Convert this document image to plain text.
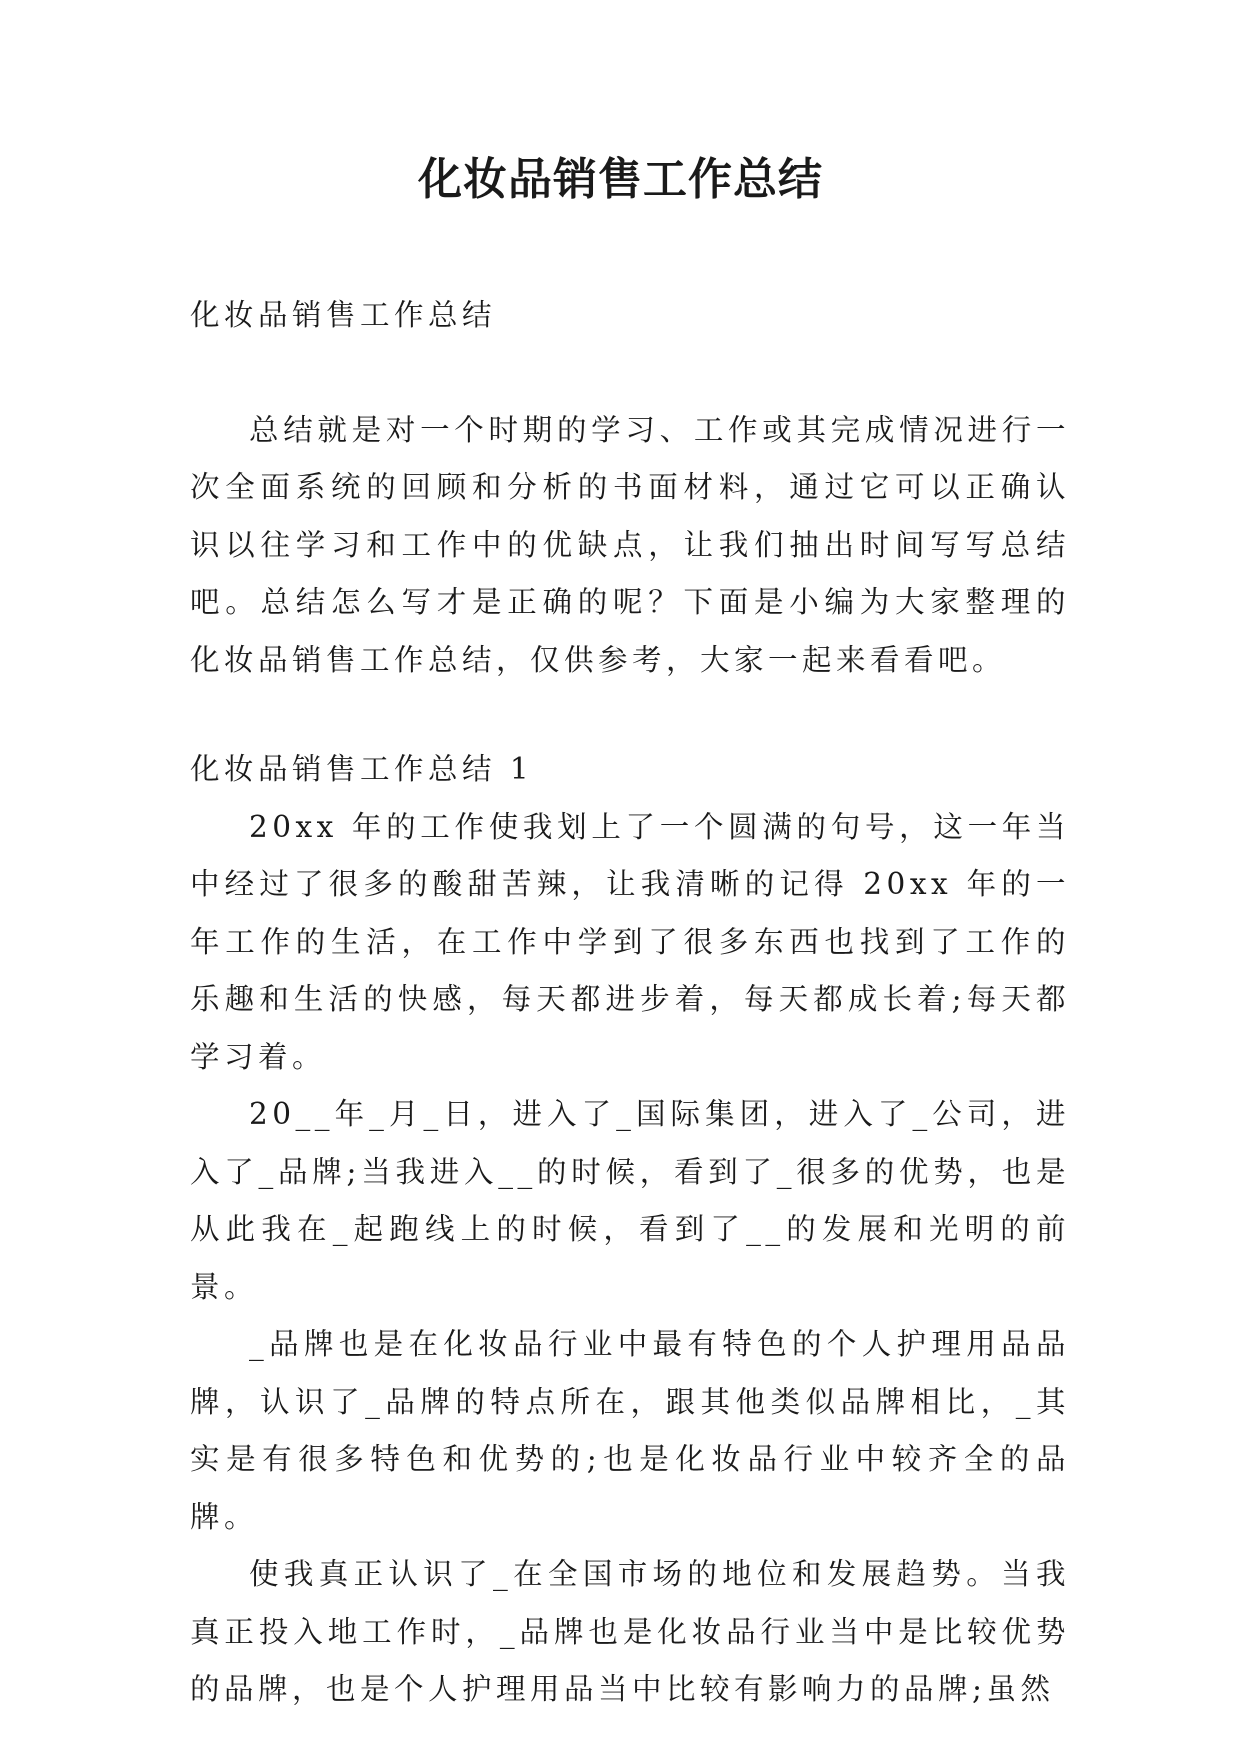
化妆品销售工作总结

化妆品销售工作总结

总结就是对一个时期的学习、工作或其完成情况进行一次全面系统的回顾和分析的书面材料，通过它可以正确认识以往学习和工作中的优缺点，让我们抽出时间写写总结吧。总结怎么写才是正确的呢？下面是小编为大家整理的化妆品销售工作总结，仅供参考，大家一起来看看吧。

化妆品销售工作总结 1

20xx 年的工作使我划上了一个圆满的句号，这一年当中经过了很多的酸甜苦辣，让我清晰的记得 20xx 年的一年工作的生活，在工作中学到了很多东西也找到了工作的乐趣和生活的快感，每天都进步着，每天都成长着;每天都学习着。

20__年_月_日，进入了_国际集团，进入了_公司，进入了_品牌;当我进入__的时候，看到了_很多的优势，也是从此我在_起跑线上的时候，看到了__的发展和光明的前景。

_品牌也是在化妆品行业中最有特色的个人护理用品品牌，认识了_品牌的特点所在，跟其他类似品牌相比，_其实是有很多特色和优势的;也是化妆品行业中较齐全的品牌。

使我真正认识了_在全国市场的地位和发展趋势。当我真正投入地工作时，_品牌也是化妆品行业当中是比较优势的品牌，也是个人护理用品当中比较有影响力的品牌;虽然
